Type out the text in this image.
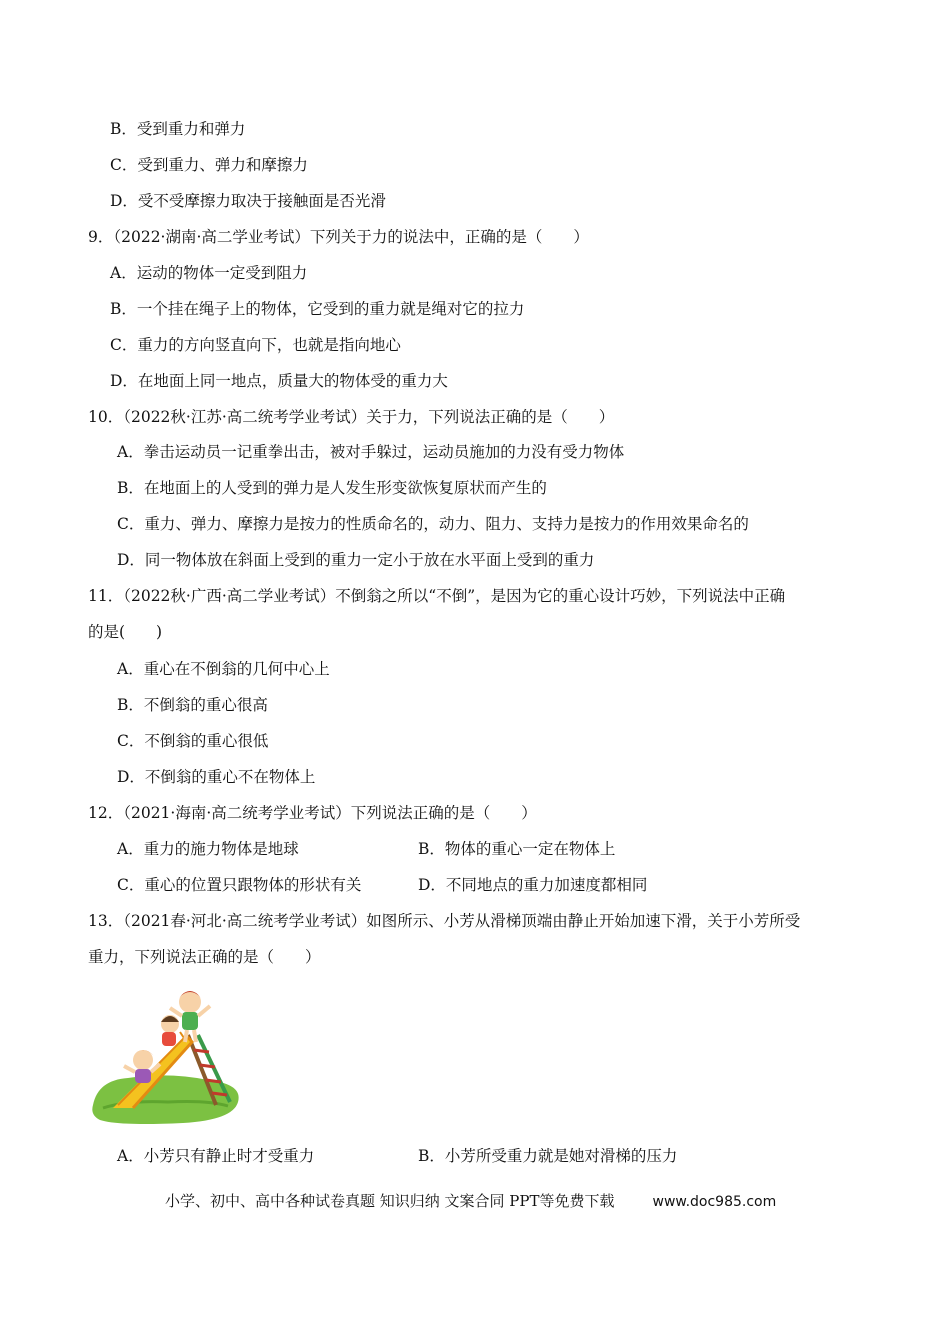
B．受到重力和弹力
C．受到重力、弹力和摩擦力
D．受不受摩擦力取决于接触面是否光滑
9．（2022·湖南·高二学业考试）下列关于力的说法中，正确的是（　　）
A．运动的物体一定受到阻力
B．一个挂在绳子上的物体，它受到的重力就是绳对它的拉力
C．重力的方向竖直向下，也就是指向地心
D．在地面上同一地点，质量大的物体受的重力大
10．（2022秋·江苏·高二统考学业考试）关于力，下列说法正确的是（　　）
A．拳击运动员一记重拳出击，被对手躲过，运动员施加的力没有受力物体
B．在地面上的人受到的弹力是人发生形变欲恢复原状而产生的
C．重力、弹力、摩擦力是按力的性质命名的，动力、阻力、支持力是按力的作用效果命名的
D．同一物体放在斜面上受到的重力一定小于放在水平面上受到的重力
11．（2022秋·广西·高二学业考试）不倒翁之所以“不倒”，是因为它的重心设计巧妙，下列说法中正确
的是(　　)
A．重心在不倒翁的几何中心上
B．不倒翁的重心很高
C．不倒翁的重心很低
D．不倒翁的重心不在物体上
12．（2021·海南·高二统考学业考试）下列说法正确的是（　　）
A．重力的施力物体是地球	B．物体的重心一定在物体上
C．重心的位置只跟物体的形状有关	D．不同地点的重力加速度都相同
13．（2021春·河北·高二统考学业考试）如图所示、小芳从滑梯顶端由静止开始加速下滑，关于小芳所受
重力，下列说法正确的是（　　）
A．小芳只有静止时才受重力	B．小芳所受重力就是她对滑梯的压力
小学、初中、高中各种试卷真题 知识归纳 文案合同 PPT等免费下载	www.doc985.com
